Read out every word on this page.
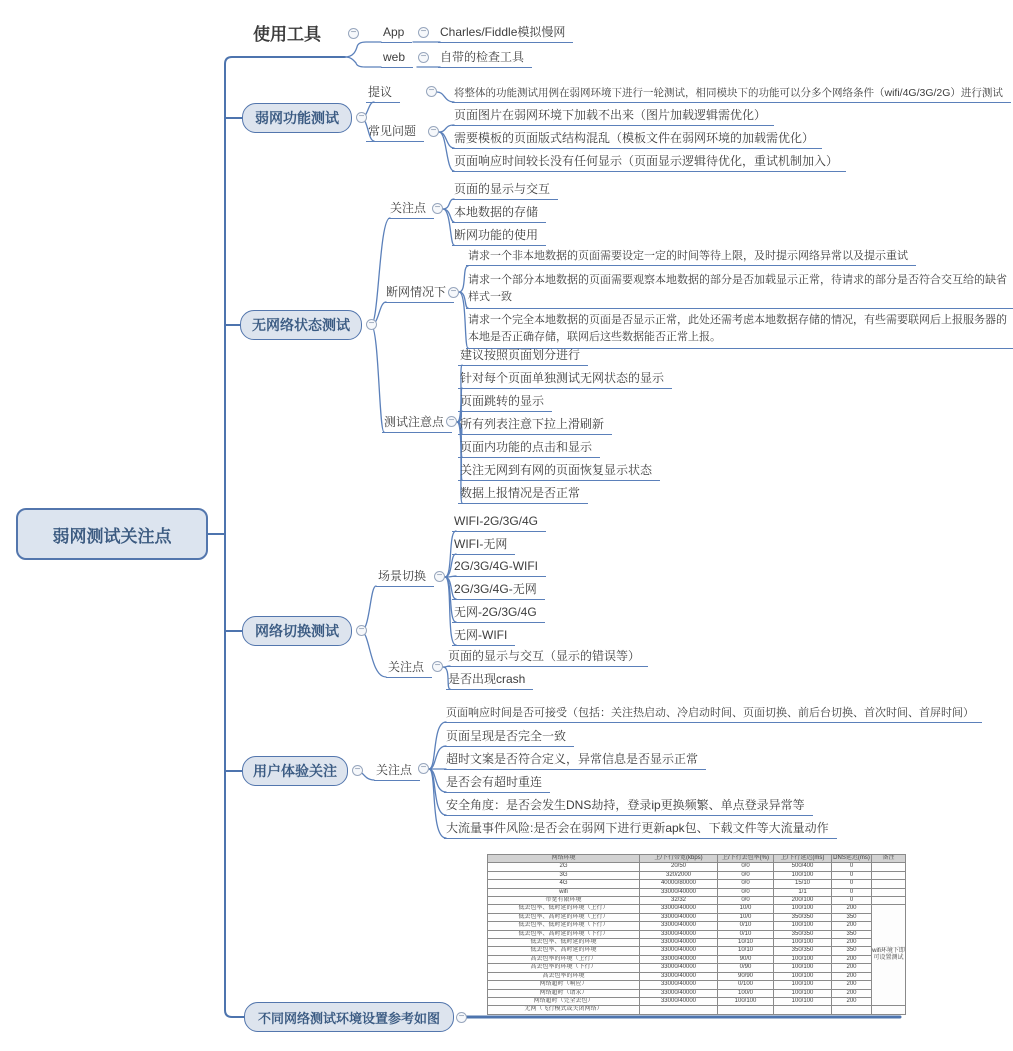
弱网测试关注点
使用工具	− App	− Charles/Fiddle模拟慢网
web	− 自带的检查工具
弱网功能测试	−
提议	− 将整体的功能测试用例在弱网环境下进行一轮测试，相同模块下的功能可以分多个网络条件（wifi/4G/3G/2G）进行测试
常见问题	−
页面图片在弱网环境下加载不出来（图片加载逻辑需优化）
需要模板的页面版式结构混乱（模板文件在弱网环境的加载需优化）
页面响应时间较长没有任何显示（页面显示逻辑待优化，重试机制加入）
无网络状态测试	−
关注点 −
页面的显示与交互
本地数据的存储
断网功能的使用
断网情况下 −
请求一个非本地数据的页面需要设定一定的时间等待上限，及时提示网络异常以及提示重试
请求一个部分本地数据的页面需要观察本地数据的部分是否加载显示正常，待请求的部分是否符合交互给的缺省样式一致
请求一个完全本地数据的页面是否显示正常，此处还需考虑本地数据存储的情况，有些需要联网后上报服务器的本地是否正确存储，联网后这些数据能否正常上报。
测试注意点 −
建议按照页面划分进行
针对每个页面单独测试无网状态的显示
页面跳转的显示
所有列表注意下拉上滑刷新
页面内功能的点击和显示
关注无网到有网的页面恢复显示状态
数据上报情况是否正常
网络切换测试	−
场景切换	−
WIFI-2G/3G/4G
WIFI-无网
2G/3G/4G-WIFI
2G/3G/4G-无网
无网-2G/3G/4G
无网-WIFI
关注点	−
页面的显示与交互（显示的错误等）
是否出现crash
用户体验关注	− 关注点 −
页面响应时间是否可接受（包括：关注热启动、冷启动时间、页面切换、前后台切换、首次时间、首屏时间）
页面呈现是否完全一致
超时文案是否符合定义，异常信息是否显示正常
是否会有超时重连
安全角度：是否会发生DNS劫持，登录ip更换频繁、单点登录异常等
大流量事件风险:是否会在弱网下进行更新apk包、下载文件等大流量动作
不同网络测试环境设置参考如图	−
网络环境	上/下行带宽(kbps)	上/下行丢包率(%)	上/下行延迟(ms)	DNS延迟(ms)	备注
2G	20/50	0/0	500/400	0	
3G	320/2000	0/0	100/100	0	
4G	40000/80000	0/0	15/10	0	
wifi	33000/40000	0/0	1/1	0	
带宽有限环境	32/32	0/0	200/100	0	
低丢包率、低时延的环境（上行）	33000/40000	10/0	100/100	200	wifi环境下即可设置测试
低丢包率、高时延的环境（上行）	33000/40000	10/0	350/350	350	
低丢包率、低时延的环境（下行）	33000/40000	0/10	100/100	200	
低丢包率、高时延的环境（下行）	33000/40000	0/10	350/350	350	
低丢包率、低时延的环境	33000/40000	10/10	100/100	200	
低丢包率、高时延的环境	33000/40000	10/10	350/350	350	
高丢包率的环境（上行）	33000/40000	90/0	100/100	200	
高丢包率的环境（下行）	33000/40000	0/90	100/100	200	
高丢包率的环境	33000/40000	90/90	100/100	200	
网络超时（响应）	33000/40000	0/100	100/100	200	
网络超时（请求）	33000/40000	100/0	100/100	200	
网络超时（完全丢包）	33000/40000	100/100	100/100	200	
无网（飞行模式或关闭网络）					
